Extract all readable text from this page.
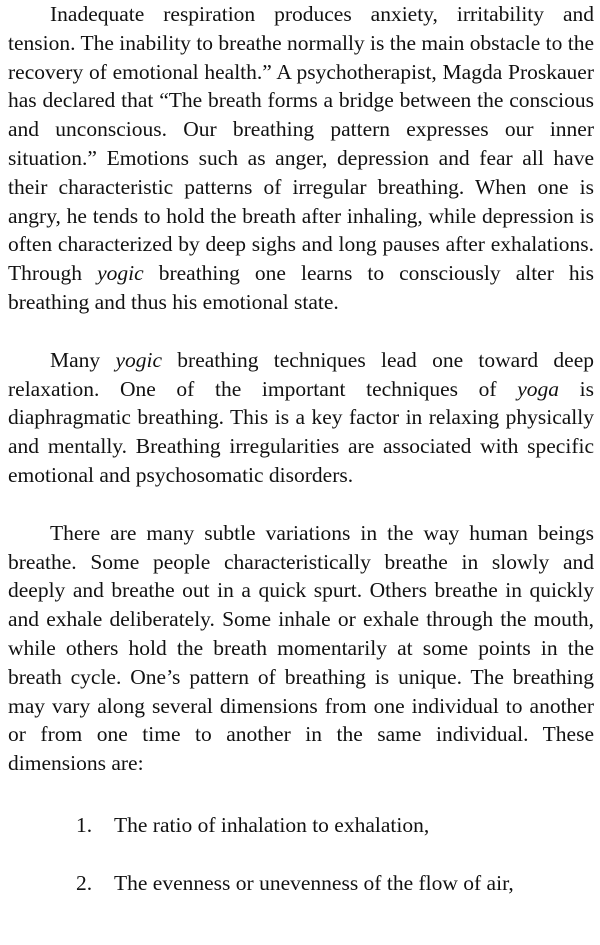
Inadequate respiration produces anxiety, irritability and tension. The inability to breathe normally is the main obstacle to the recovery of emotional health.” A psychotherapist, Magda Proskauer has declared that “The breath forms a bridge between the conscious and unconscious. Our breathing pattern expresses our inner situation.” Emotions such as anger, depression and fear all have their characteristic patterns of irregular breathing. When one is angry, he tends to hold the breath after inhaling, while depression is often characterized by deep sighs and long pauses after exhalations. Through yogic breathing one learns to consciously alter his breathing and thus his emotional state.

Many yogic breathing techniques lead one toward deep relaxation. One of the important techniques of yoga is diaphragmatic breathing. This is a key factor in relaxing physically and mentally. Breathing irregularities are associated with specific emotional and psychosomatic disorders.

There are many subtle variations in the way human beings breathe. Some people characteristically breathe in slowly and deeply and breathe out in a quick spurt. Others breathe in quickly and exhale deliberately. Some inhale or exhale through the mouth, while others hold the breath momentarily at some points in the breath cycle. One’s pattern of breathing is unique. The breathing may vary along several dimensions from one individual to another or from one time to another in the same individual. These dimensions are:

1. The ratio of inhalation to exhalation,
2. The evenness or unevenness of the flow of air,
